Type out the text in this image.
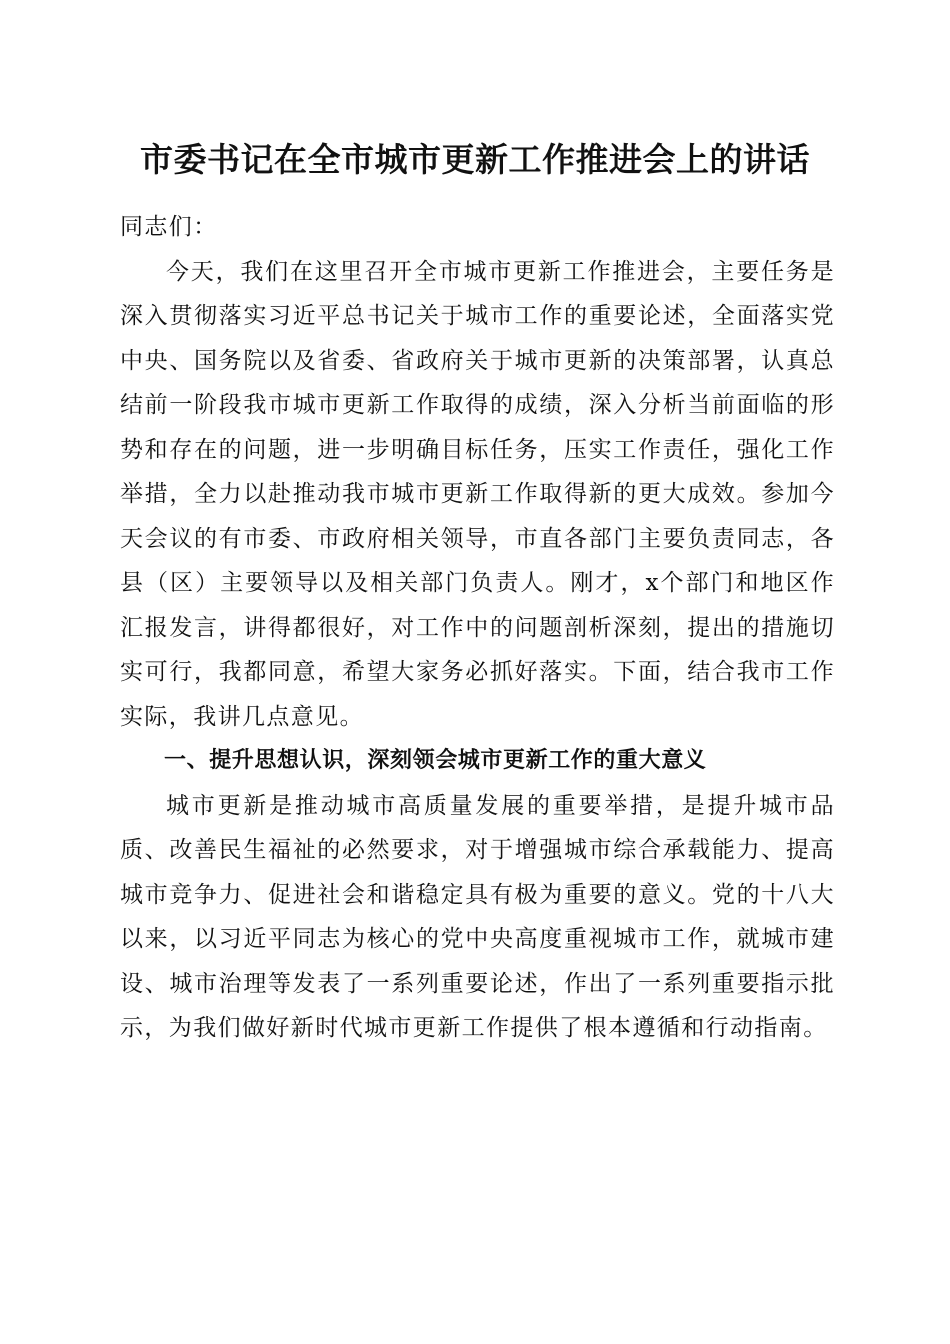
市委书记在全市城市更新工作推进会上的讲话

同志们：

今天，我们在这里召开全市城市更新工作推进会，主要任务是深入贯彻落实习近平总书记关于城市工作的重要论述，全面落实党中央、国务院以及省委、省政府关于城市更新的决策部署，认真总结前一阶段我市城市更新工作取得的成绩，深入分析当前面临的形势和存在的问题，进一步明确目标任务，压实工作责任，强化工作举措，全力以赴推动我市城市更新工作取得新的更大成效。参加今天会议的有市委、市政府相关领导，市直各部门主要负责同志，各县（区）主要领导以及相关部门负责人。刚才，x个部门和地区作汇报发言，讲得都很好，对工作中的问题剖析深刻，提出的措施切实可行，我都同意，希望大家务必抓好落实。下面，结合我市工作实际，我讲几点意见。

一、提升思想认识，深刻领会城市更新工作的重大意义

城市更新是推动城市高质量发展的重要举措，是提升城市品质、改善民生福祉的必然要求，对于增强城市综合承载能力、提高城市竞争力、促进社会和谐稳定具有极为重要的意义。党的十八大以来，以习近平同志为核心的党中央高度重视城市工作，就城市建设、城市治理等发表了一系列重要论述，作出了一系列重要指示批示，为我们做好新时代城市更新工作提供了根本遵循和行动指南。
